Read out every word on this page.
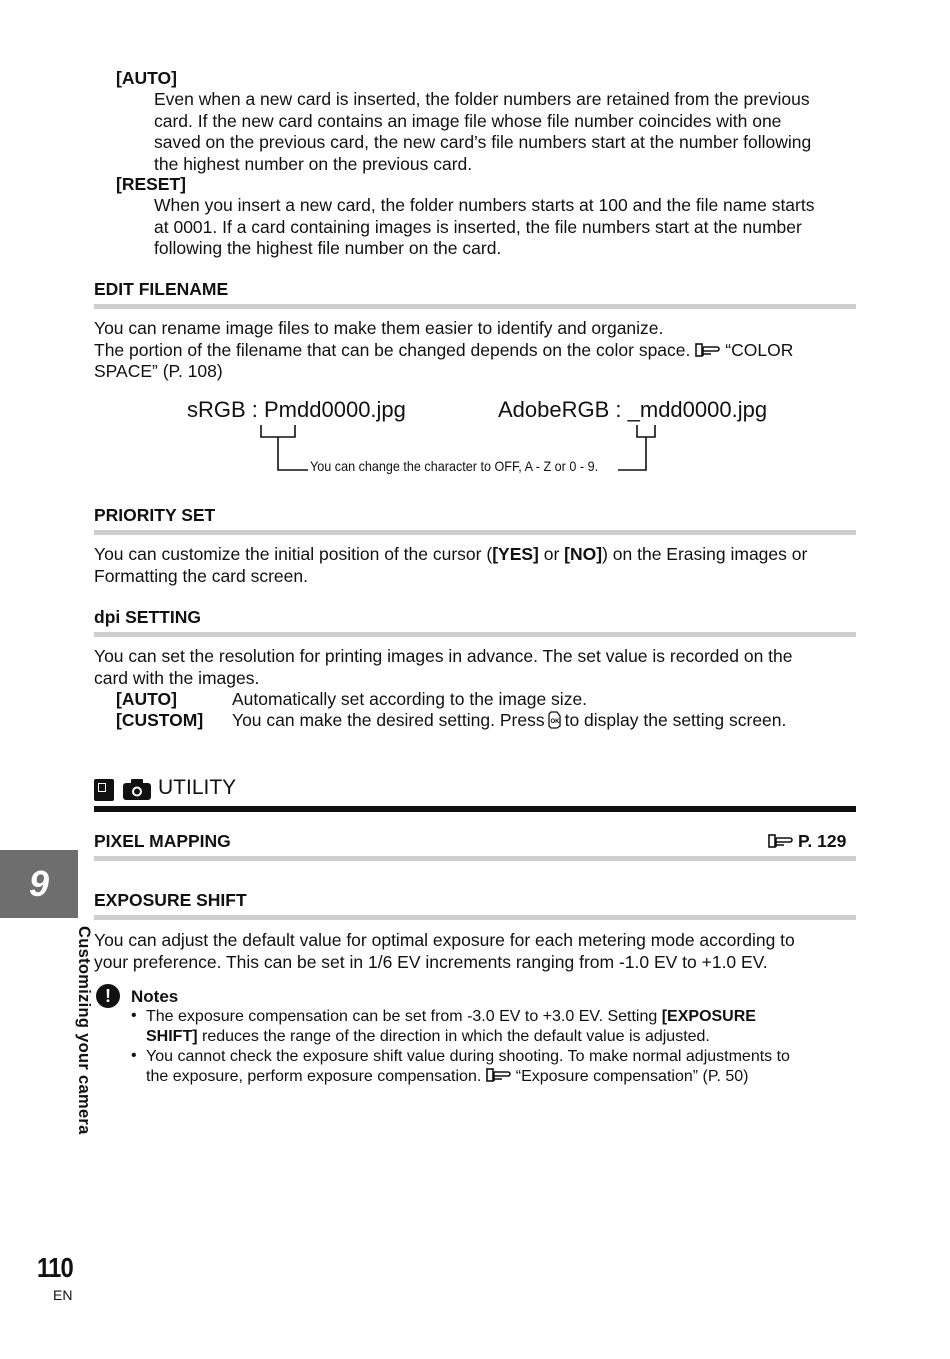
[AUTO]
Even when a new card is inserted, the folder numbers are retained from the previous
card. If the new card contains an image file whose file number coincides with one
saved on the previous card, the new card’s file numbers start at the number following
the highest number on the previous card.
[RESET]
When you insert a new card, the folder numbers starts at 100 and the file name starts
at 0001. If a card containing images is inserted, the file numbers start at the number
following the highest file number on the card.
EDIT FILENAME
You can rename image files to make them easier to identify and organize.
The portion of the filename that can be changed depends on the color space. “COLOR
SPACE” (P. 108)
sRGB : Pmdd0000.jpg	AdobeRGB : _mdd0000.jpg
You can change the character to OFF, A - Z or 0 - 9.
PRIORITY SET
You can customize the initial position of the cursor ([YES] or [NO]) on the Erasing images or
Formatting the card screen.
dpi SETTING
You can set the resolution for printing images in advance. The set value is recorded on the
card with the images.
[AUTO]	Automatically set according to the image size.
[CUSTOM] You can make the desired setting. Press OK to display the setting screen.
UTILITY
PIXEL MAPPING	P. 129
EXPOSURE SHIFT
You can adjust the default value for optimal exposure for each metering mode according to
your preference. This can be set in 1/6 EV increments ranging from -1.0 EV to +1.0 EV.
!	Notes
• The exposure compensation can be set from -3.0 EV to +3.0 EV. Setting [EXPOSURE
SHIFT] reduces the range of the direction in which the default value is adjusted.
• You cannot check the exposure shift value during shooting. To make normal adjustments to
the exposure, perform exposure compensation. “Exposure compensation” (P. 50)
9
Customizing your camera
110
EN
